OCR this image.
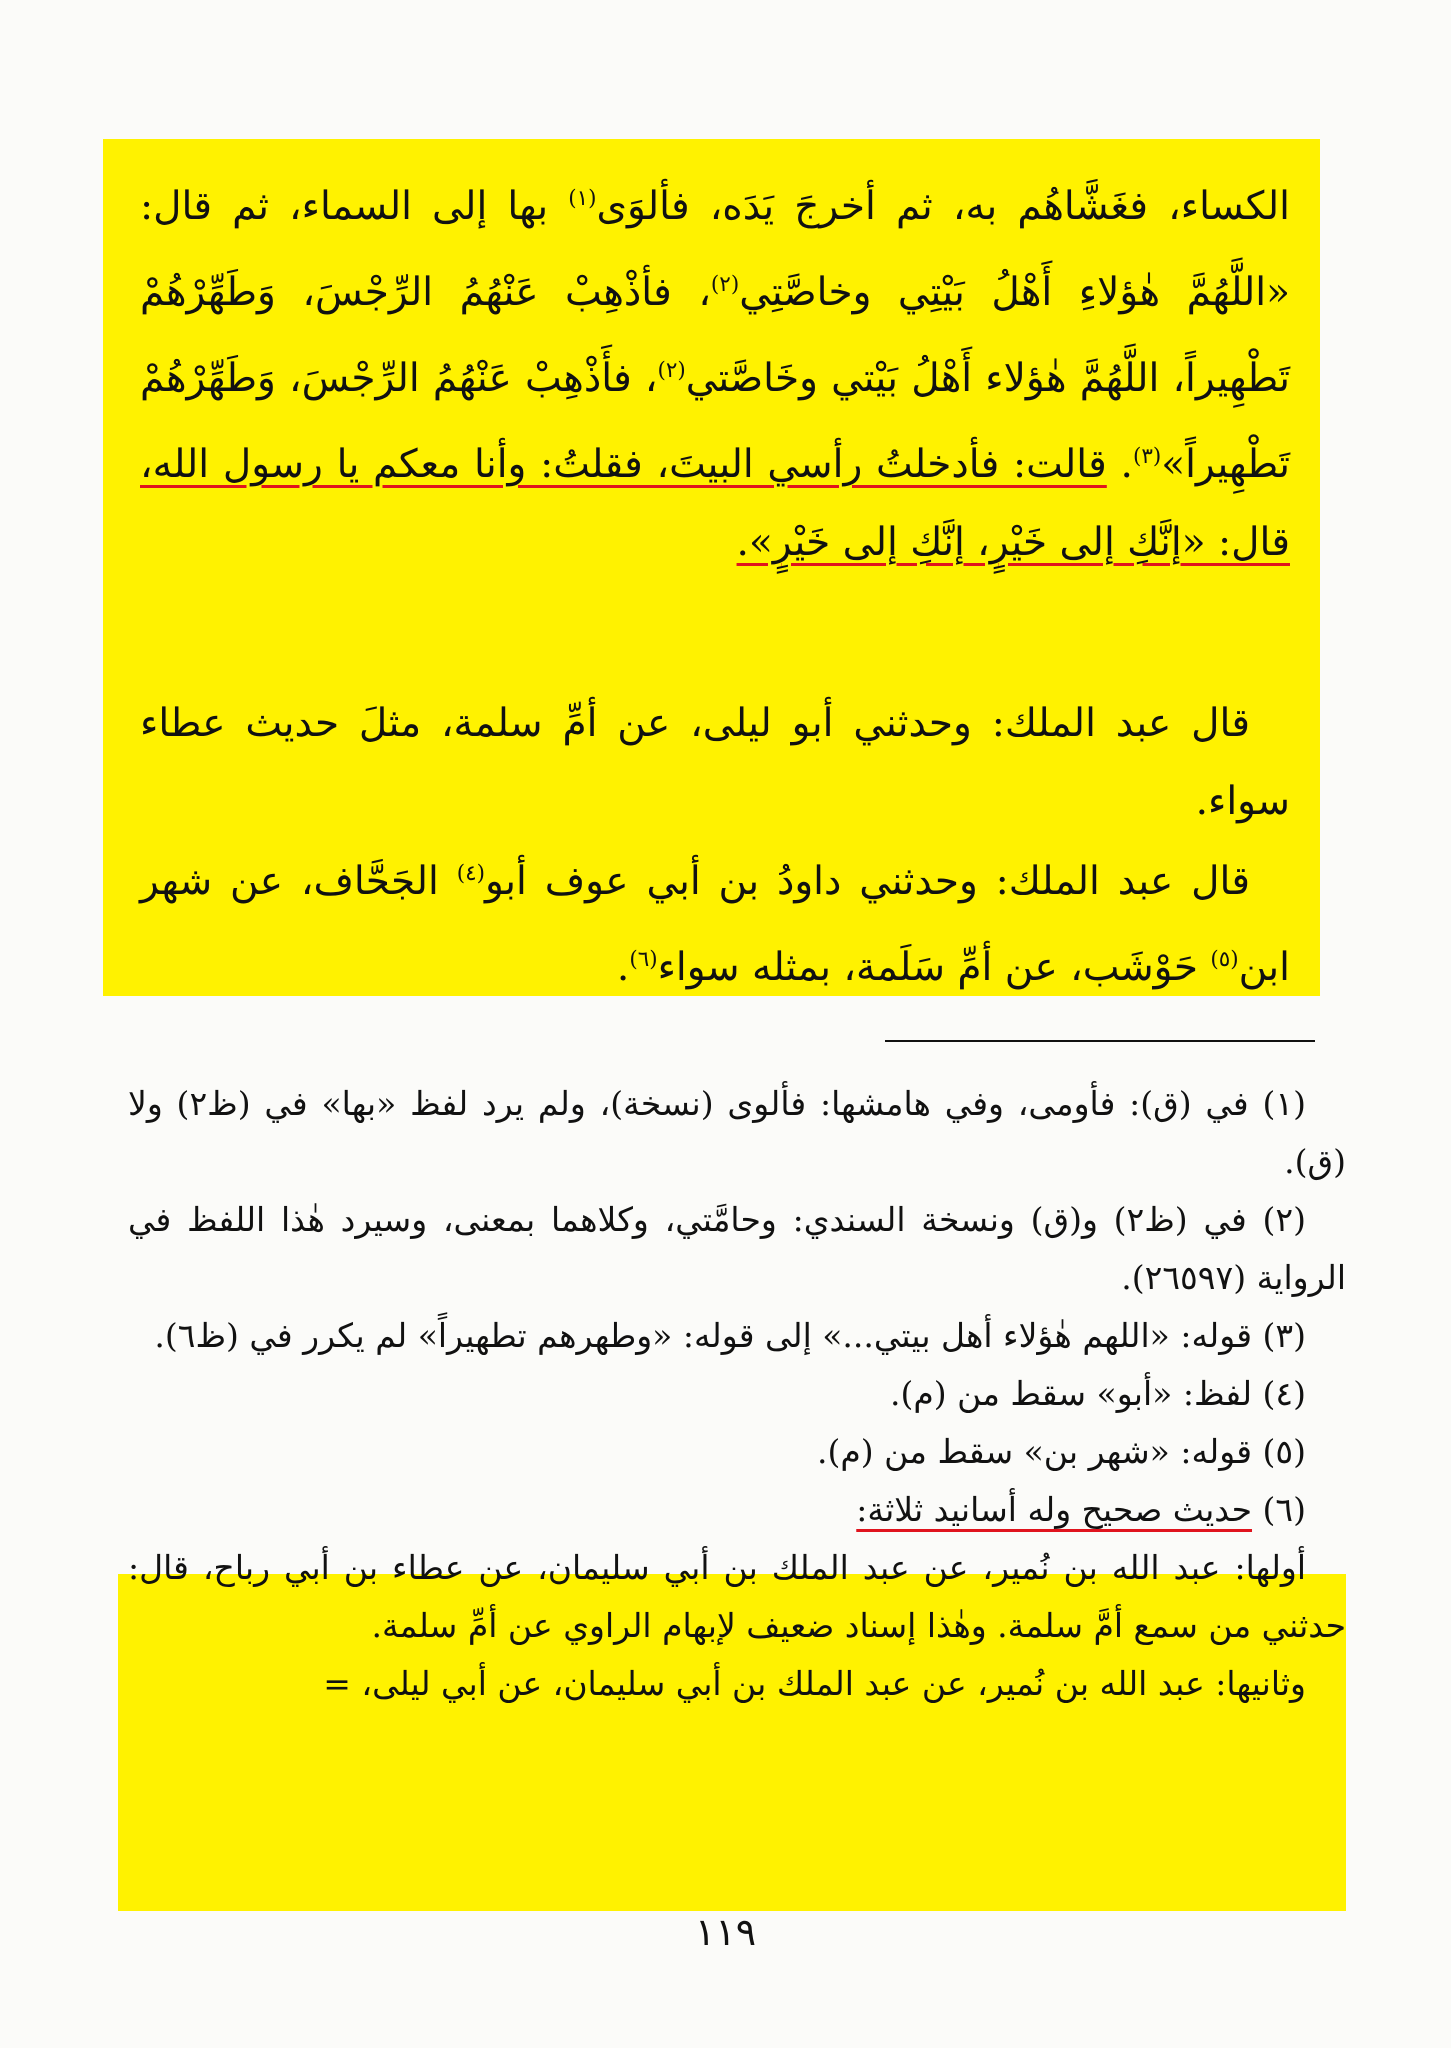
الكساء، فغَشَّاهُم به، ثم أخرجَ يَدَه، فألوَى$^{(١)}$ بها إلى السماء، ثم قال: «اللَّهُمَّ هٰؤلاءِ أَهْلُ بَيْتِي وخاصَّتِي$^{(٢)}$، فأذْهِبْ عَنْهُمُ الرِّجْسَ، وَطَهِّرْهُمْ تَطْهِيراً، اللَّهُمَّ هٰؤلاء أَهْلُ بَيْتي وخَاصَّتي$^{(٢)}$، فأَذْهِبْ عَنْهُمُ الرِّجْسَ، وَطَهِّرْهُمْ تَطْهِيراً»$^{(٣)}$. قالت: فأدخلتُ رأسي البيتَ، فقلتُ: وأنا معكم يا رسول الله، قال: «إنَّكِ إلى خَيْرٍ، إنَّكِ إلى خَيْرٍ».

قال عبد الملك: وحدثني أبو ليلى، عن أمِّ سلمة، مثلَ حديث عطاء سواء.

قال عبد الملك: وحدثني داودُ بن أبي عوف أبو$^{(٤)}$ الجَحَّاف، عن شهر ابن$^{(٥)}$ حَوْشَب، عن أمِّ سَلَمة، بمثله سواء$^{(٦)}$.

(١) في (ق): فأومى، وفي هامشها: فألوى (نسخة)، ولم يرد لفظ «بها» في (ظ٢) ولا (ق).

(٢) في (ظ٢) و(ق) ونسخة السندي: وحامَّتي، وكلاهما بمعنى، وسيرد هٰذا اللفظ في الرواية (٢٦٥٩٧).

(٣) قوله: «اللهم هٰؤلاء أهل بيتي...» إلى قوله: «وطهرهم تطهيراً» لم يكرر في (ظ٦).

(٤) لفظ: «أبو» سقط من (م).

(٥) قوله: «شهر بن» سقط من (م).

(٦) حديث صحيح وله أسانيد ثلاثة:

أولها: عبد الله بن نُمير، عن عبد الملك بن أبي سليمان، عن عطاء بن أبي رباح، قال: حدثني من سمع أمَّ سلمة. وهٰذا إسناد ضعيف لإبهام الراوي عن أمِّ سلمة.

وثانيها: عبد الله بن نُمير، عن عبد الملك بن أبي سليمان، عن أبي ليلى، =

١١٩
